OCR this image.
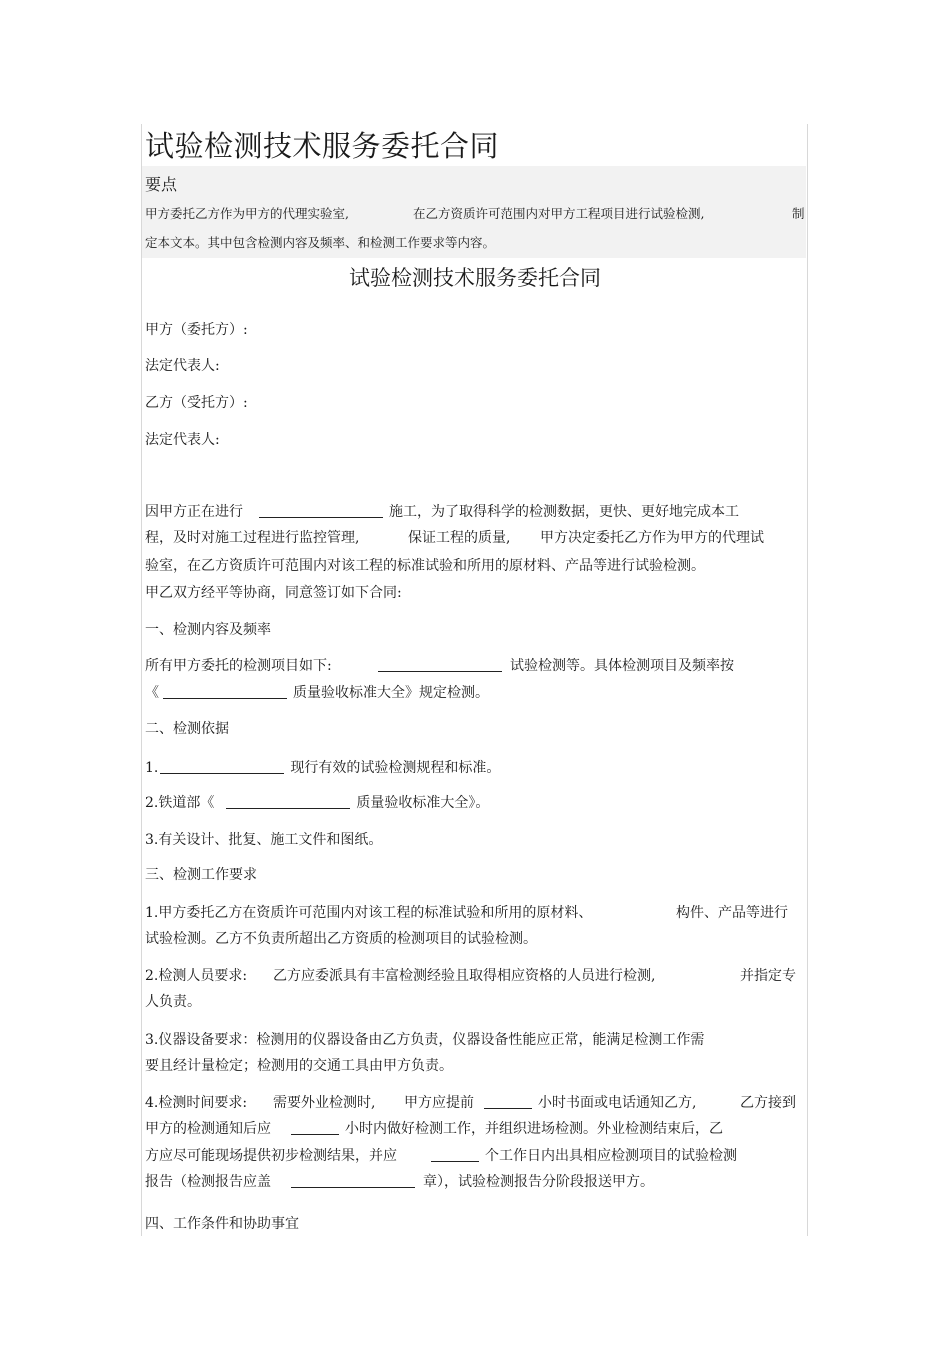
试验检测技术服务委托合同
要点
甲方委托乙方作为甲方的代理实验室,	在乙方资质许可范围内对甲方工程项目进行试验检测,	制
定本文本。其中包含检测内容及频率、和检测工作要求等内容。
试验检测技术服务委托合同
甲方（委托方）:
法定代表人:
乙方（受托方）:
法定代表人:
因甲方正在进行	施工，为了取得科学的检测数据，更快、更好地完成本工
程，及时对施工过程进行监控管理,	保证工程的质量, 甲方决定委托乙方作为甲方的代理试
验室，在乙方资质许可范围内对该工程的标准试验和所用的原材料、产品等进行试验检测。
甲乙双方经平等协商，同意签订如下合同:
一、检测内容及频率
所有甲方委托的检测项目如下:	试验检测等。具体检测项目及频率按
《	质量验收标准大全》规定检测。
二、检测依据
1.	现行有效的试验检测规程和标准。
2.铁道部《	质量验收标准大全》。
3.有关设计、批复、施工文件和图纸。
三、检测工作要求
1.甲方委托乙方在资质许可范围内对该工程的标准试验和所用的原材料、	构件、产品等进行
试验检测。乙方不负责所超出乙方资质的检测项目的试验检测。
2.检测人员要求: 乙方应委派具有丰富检测经验且取得相应资格的人员进行检测,	并指定专
人负责。
3.仪器设备要求：检测用的仪器设备由乙方负责，仪器设备性能应正常，能满足检测工作需
要且经计量检定；检测用的交通工具由甲方负责。
4.检测时间要求: 需要外业检测时, 甲方应提前	小时书面或电话通知乙方,	乙方接到
甲方的检测通知后应	小时内做好检测工作，并组织进场检测。外业检测结束后，乙
方应尽可能现场提供初步检测结果，并应	个工作日内出具相应检测项目的试验检测
报告（检测报告应盖	章），试验检测报告分阶段报送甲方。
四、工作条件和协助事宜
